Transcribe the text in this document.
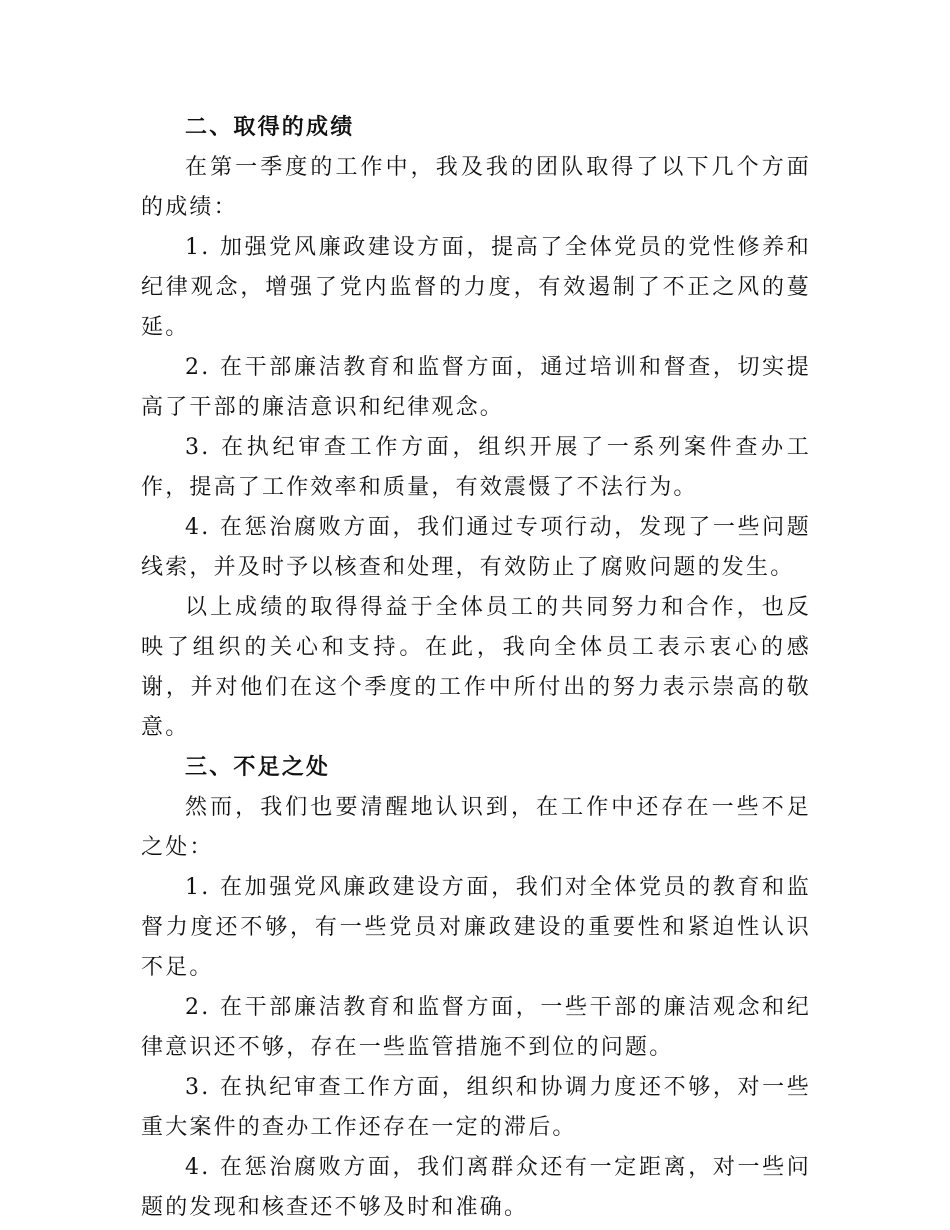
二、取得的成绩

在第一季度的工作中，我及我的团队取得了以下几个方面的成绩：

1. 加强党风廉政建设方面，提高了全体党员的党性修养和纪律观念，增强了党内监督的力度，有效遏制了不正之风的蔓延。

2. 在干部廉洁教育和监督方面，通过培训和督查，切实提高了干部的廉洁意识和纪律观念。

3. 在执纪审查工作方面，组织开展了一系列案件查办工作，提高了工作效率和质量，有效震慑了不法行为。

4. 在惩治腐败方面，我们通过专项行动，发现了一些问题线索，并及时予以核查和处理，有效防止了腐败问题的发生。

以上成绩的取得得益于全体员工的共同努力和合作，也反映了组织的关心和支持。在此，我向全体员工表示衷心的感谢，并对他们在这个季度的工作中所付出的努力表示崇高的敬意。

三、不足之处

然而，我们也要清醒地认识到，在工作中还存在一些不足之处：

1. 在加强党风廉政建设方面，我们对全体党员的教育和监督力度还不够，有一些党员对廉政建设的重要性和紧迫性认识不足。

2. 在干部廉洁教育和监督方面，一些干部的廉洁观念和纪律意识还不够，存在一些监管措施不到位的问题。

3. 在执纪审查工作方面，组织和协调力度还不够，对一些重大案件的查办工作还存在一定的滞后。

4. 在惩治腐败方面，我们离群众还有一定距离，对一些问题的发现和核查还不够及时和准确。
